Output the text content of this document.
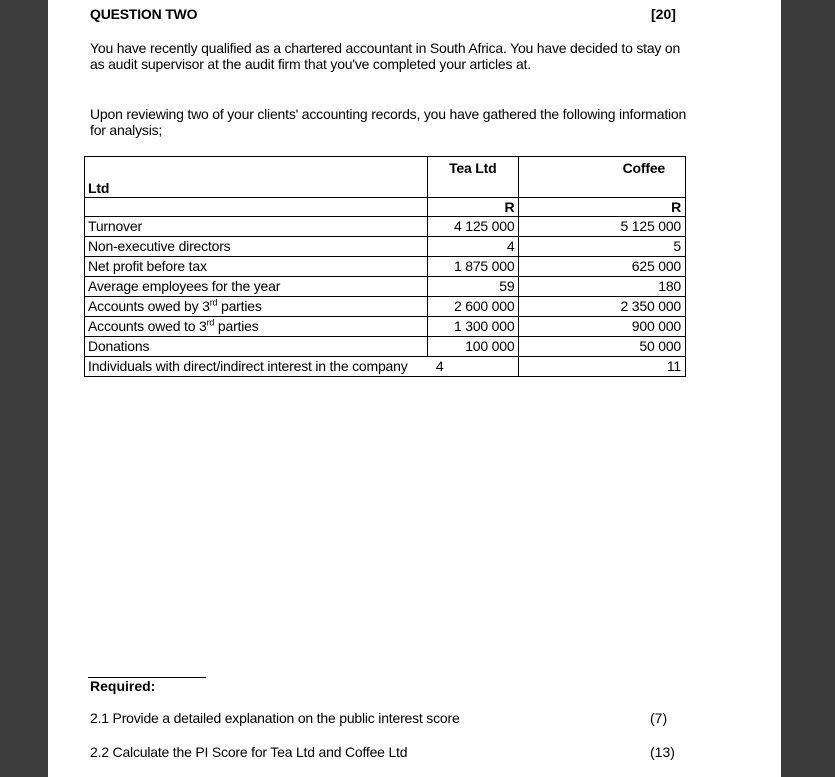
QUESTION TWO	[20]
You have recently qualified as a chartered accountant in South Africa. You have decided to stay on as audit supervisor at the audit firm that you've completed your articles at.
Upon reviewing two of your clients' accounting records, you have gathered the following information for analysis;
	Tea Ltd	Coffee
Ltd		
	R	R
Turnover	4 125 000	5 125 000
Non-executive directors	4	5
Net profit before tax	1 875 000	625 000
Average employees for the year	59	180
Accounts owed by 3rd parties	2 600 000	2 350 000
Accounts owed to 3rd parties	1 300 000	900 000
Donations	100 000	50 000
Individuals with direct/indirect interest in the company	4	11
Required:
2.1 Provide a detailed explanation on the public interest score	(7)
2.2 Calculate the PI Score for Tea Ltd and Coffee Ltd	(13)
